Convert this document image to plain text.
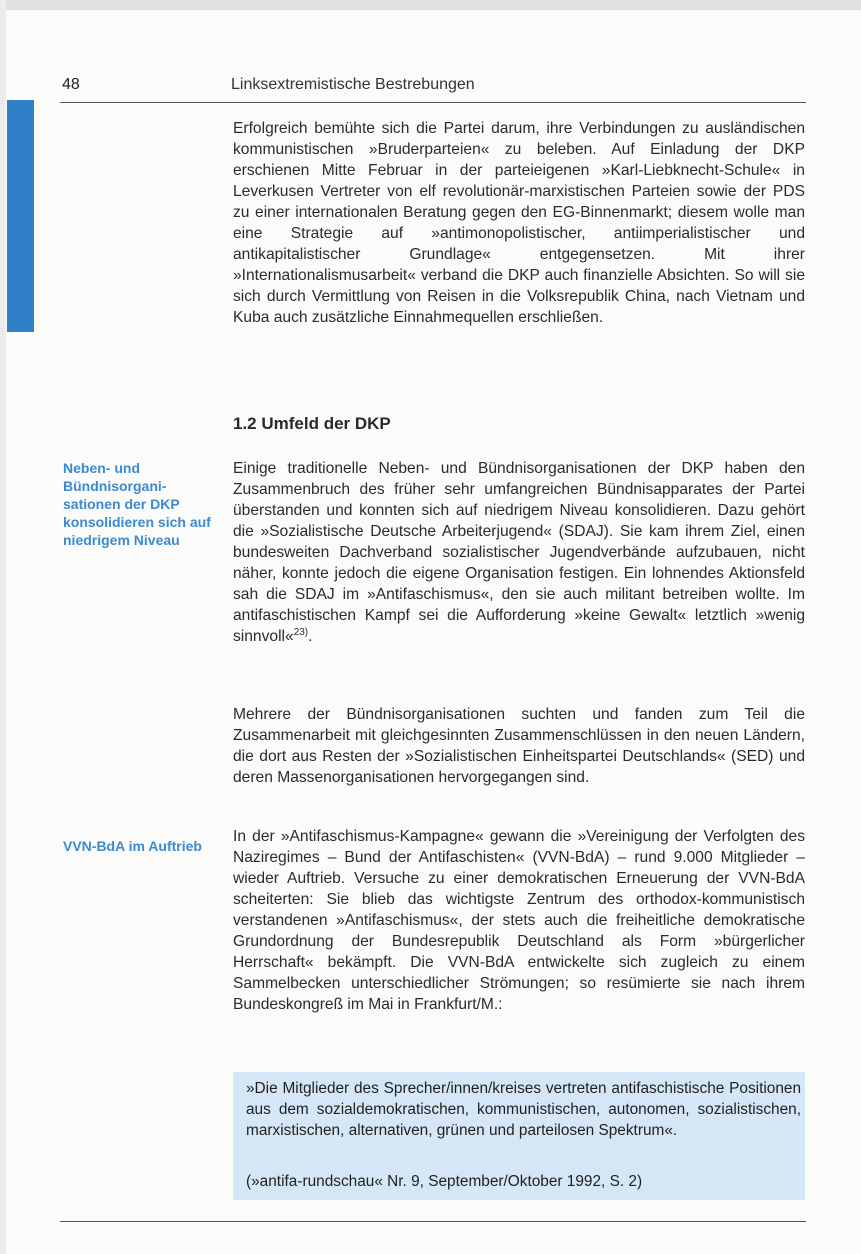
48	Linksextremistische Bestrebungen

Erfolgreich bemühte sich die Partei darum, ihre Verbindungen zu ausländischen kommunistischen »Bruderparteien« zu beleben. Auf Einladung der DKP erschienen Mitte Februar in der parteieigenen »Karl-Liebknecht-Schule« in Leverkusen Vertreter von elf revolutionär-marxistischen Parteien sowie der PDS zu einer internationalen Beratung gegen den EG-Binnenmarkt; diesem wolle man eine Strategie auf »antimonopolistischer, antiimperialistischer und antikapitalistischer Grundlage« entgegensetzen. Mit ihrer »Internationalismusarbeit« verband die DKP auch finanzielle Absichten. So will sie sich durch Vermittlung von Reisen in die Volksrepublik China, nach Vietnam und Kuba auch zusätzliche Einnahmequellen erschließen.

1.2 Umfeld der DKP
Neben- und Bündnisorgani-sationen der DKP konsolidieren sich auf niedrigem Niveau

Einige traditionelle Neben- und Bündnisorganisationen der DKP haben den Zusammenbruch des früher sehr umfangreichen Bündnisapparates der Partei überstanden und konnten sich auf niedrigem Niveau konsolidieren. Dazu gehört die »Sozialistische Deutsche Arbeiterjugend« (SDAJ). Sie kam ihrem Ziel, einen bundesweiten Dachverband sozialistischer Jugendverbände aufzubauen, nicht näher, konnte jedoch die eigene Organisation festigen. Ein lohnendes Aktionsfeld sah die SDAJ im »Antifaschismus«, den sie auch militant betreiben wollte. Im antifaschistischen Kampf sei die Aufforderung »keine Gewalt« letztlich »wenig sinnvoll«$^{23)}$.

Mehrere der Bündnisorganisationen suchten und fanden zum Teil die Zusammenarbeit mit gleichgesinnten Zusammenschlüssen in den neuen Ländern, die dort aus Resten der »Sozialistischen Einheitspartei Deutschlands« (SED) und deren Massenorganisationen hervorgegangen sind.

VVN-BdA im Auftrieb

In der »Antifaschismus-Kampagne« gewann die »Vereinigung der Verfolgten des Naziregimes – Bund der Antifaschisten« (VVN-BdA) – rund 9.000 Mitglieder – wieder Auftrieb. Versuche zu einer demokratischen Erneuerung der VVN-BdA scheiterten: Sie blieb das wichtigste Zentrum des orthodox-kommunistisch verstandenen »Antifaschismus«, der stets auch die freiheitliche demokratische Grundordnung der Bundesrepublik Deutschland als Form »bürgerlicher Herrschaft« bekämpft. Die VVN-BdA entwickelte sich zugleich zu einem Sammelbecken unterschiedlicher Strömungen; so resümierte sie nach ihrem Bundeskongreß im Mai in Frankfurt/M.:

»Die Mitglieder des Sprecher/innen/kreises vertreten antifaschistische Positionen aus dem sozialdemokratischen, kommunistischen, autonomen, sozialistischen, marxistischen, alternativen, grünen und parteilosen Spektrum«.

(»antifa-rundschau« Nr. 9, September/Oktober 1992, S. 2)
